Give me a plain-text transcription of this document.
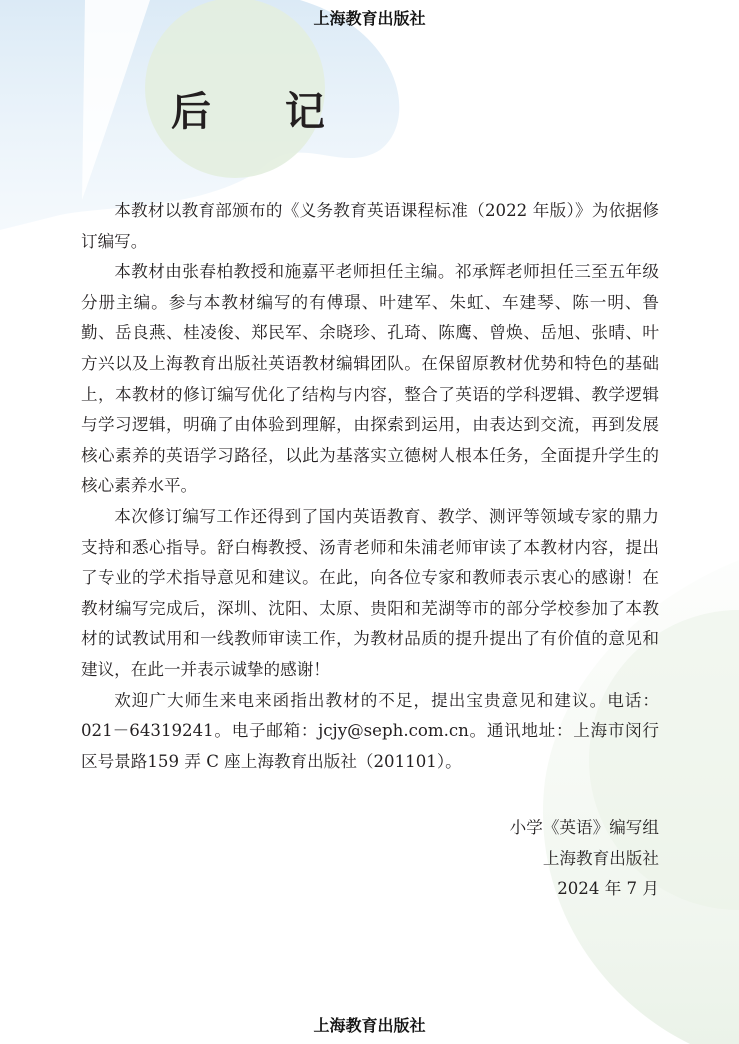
上海教育出版社
后 记

本教材以教育部颁布的《义务教育英语课程标准（2022 年版）》为依据修订编写。

本教材由张春柏教授和施嘉平老师担任主编。祁承辉老师担任三至五年级分册主编。参与本教材编写的有傅璟、叶建军、朱虹、车建琴、陈一明、鲁勤、岳良燕、桂凌俊、郑民军、余晓珍、孔琦、陈鹰、曾焕、岳旭、张晴、叶方兴以及上海教育出版社英语教材编辑团队。在保留原教材优势和特色的基础上，本教材的修订编写优化了结构与内容，整合了英语的学科逻辑、教学逻辑与学习逻辑，明确了由体验到理解，由探索到运用，由表达到交流，再到发展核心素养的英语学习路径，以此为基落实立德树人根本任务，全面提升学生的核心素养水平。

本次修订编写工作还得到了国内英语教育、教学、测评等领域专家的鼎力支持和悉心指导。舒白梅教授、汤青老师和朱浦老师审读了本教材内容，提出了专业的学术指导意见和建议。在此，向各位专家和教师表示衷心的感谢！在教材编写完成后，深圳、沈阳、太原、贵阳和芜湖等市的部分学校参加了本教材的试教试用和一线教师审读工作，为教材品质的提升提出了有价值的意见和建议，在此一并表示诚挚的感谢！

欢迎广大师生来电来函指出教材的不足，提出宝贵意见和建议。电话：021－64319241。电子邮箱：jcjy@seph.com.cn。通讯地址：上海市闵行区号景路159 弄 C 座上海教育出版社（201101）。

小学《英语》编写组
上海教育出版社
2024 年 7 月
上海教育出版社
